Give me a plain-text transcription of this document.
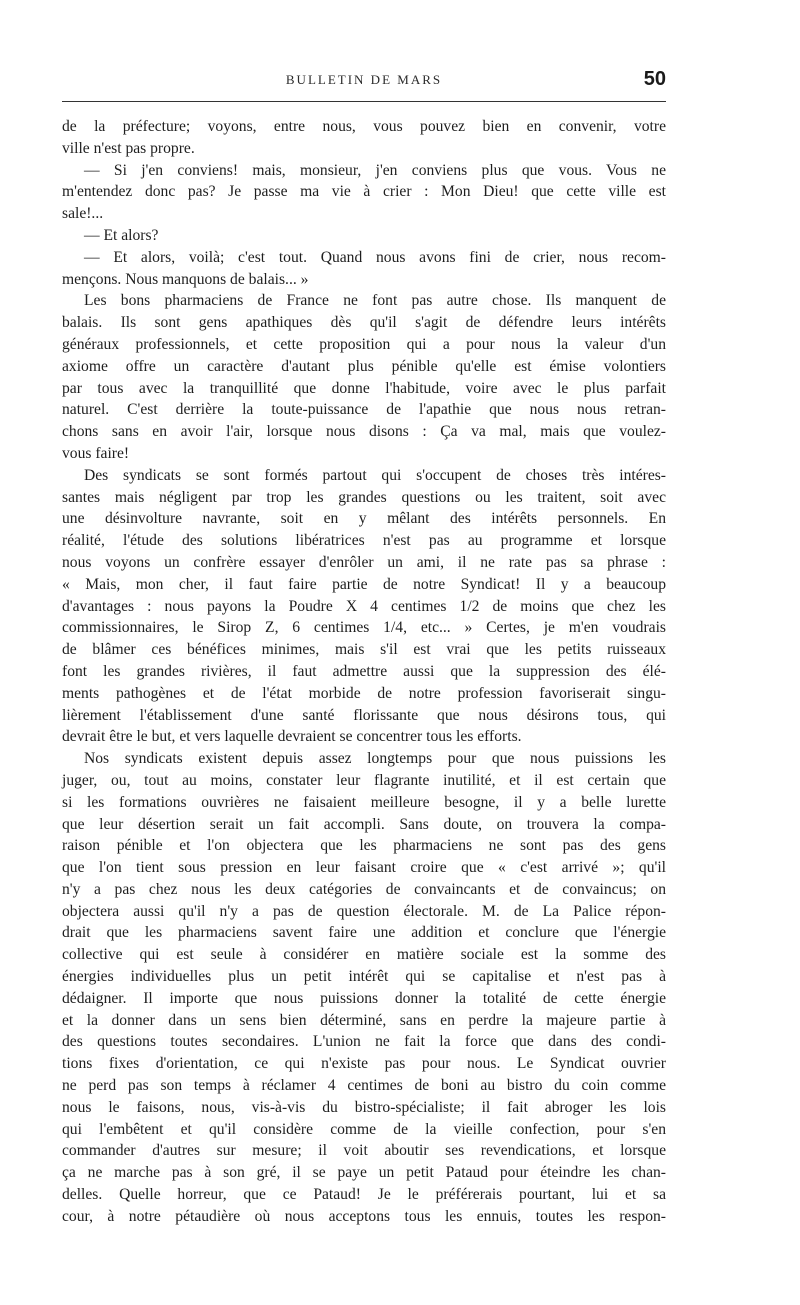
BULLETIN DE MARS	50
de la préfecture; voyons, entre nous, vous pouvez bien en convenir, votre
ville n'est pas propre.
— Si j'en conviens! mais, monsieur, j'en conviens plus que vous. Vous ne
m'entendez donc pas? Je passe ma vie à crier : Mon Dieu! que cette ville est
sale!...
— Et alors?
— Et alors, voilà; c'est tout. Quand nous avons fini de crier, nous recom-
mençons. Nous manquons de balais... »
Les bons pharmaciens de France ne font pas autre chose. Ils manquent de
balais. Ils sont gens apathiques dès qu'il s'agit de défendre leurs intérêts
généraux professionnels, et cette proposition qui a pour nous la valeur d'un
axiome offre un caractère d'autant plus pénible qu'elle est émise volontiers
par tous avec la tranquillité que donne l'habitude, voire avec le plus parfait
naturel. C'est derrière la toute-puissance de l'apathie que nous nous retran-
chons sans en avoir l'air, lorsque nous disons : Ça va mal, mais que voulez-
vous faire!
Des syndicats se sont formés partout qui s'occupent de choses très intéres-
santes mais négligent par trop les grandes questions ou les traitent, soit avec
une désinvolture navrante, soit en y mêlant des intérêts personnels. En
réalité, l'étude des solutions libératrices n'est pas au programme et lorsque
nous voyons un confrère essayer d'enrôler un ami, il ne rate pas sa phrase :
« Mais, mon cher, il faut faire partie de notre Syndicat! Il y a beaucoup
d'avantages : nous payons la Poudre X 4 centimes 1/2 de moins que chez les
commissionnaires, le Sirop Z, 6 centimes 1/4, etc... » Certes, je m'en voudrais
de blâmer ces bénéfices minimes, mais s'il est vrai que les petits ruisseaux
font les grandes rivières, il faut admettre aussi que la suppression des élé-
ments pathogènes et de l'état morbide de notre profession favoriserait singu-
lièrement l'établissement d'une santé florissante que nous désirons tous, qui
devrait être le but, et vers laquelle devraient se concentrer tous les efforts.
Nos syndicats existent depuis assez longtemps pour que nous puissions les
juger, ou, tout au moins, constater leur flagrante inutilité, et il est certain que
si les formations ouvrières ne faisaient meilleure besogne, il y a belle lurette
que leur désertion serait un fait accompli. Sans doute, on trouvera la compa-
raison pénible et l'on objectera que les pharmaciens ne sont pas des gens
que l'on tient sous pression en leur faisant croire que « c'est arrivé »; qu'il
n'y a pas chez nous les deux catégories de convaincants et de convaincus; on
objectera aussi qu'il n'y a pas de question électorale. M. de La Palice répon-
drait que les pharmaciens savent faire une addition et conclure que l'énergie
collective qui est seule à considérer en matière sociale est la somme des
énergies individuelles plus un petit intérêt qui se capitalise et n'est pas à
dédaigner. Il importe que nous puissions donner la totalité de cette énergie
et la donner dans un sens bien déterminé, sans en perdre la majeure partie à
des questions toutes secondaires. L'union ne fait la force que dans des condi-
tions fixes d'orientation, ce qui n'existe pas pour nous. Le Syndicat ouvrier
ne perd pas son temps à réclamer 4 centimes de boni au bistro du coin comme
nous le faisons, nous, vis-à-vis du bistro-spécialiste; il fait abroger les lois
qui l'embêtent et qu'il considère comme de la vieille confection, pour s'en
commander d'autres sur mesure; il voit aboutir ses revendications, et lorsque
ça ne marche pas à son gré, il se paye un petit Pataud pour éteindre les chan-
delles. Quelle horreur, que ce Pataud! Je le préférerais pourtant, lui et sa
cour, à notre pétaudière où nous acceptons tous les ennuis, toutes les respon-
